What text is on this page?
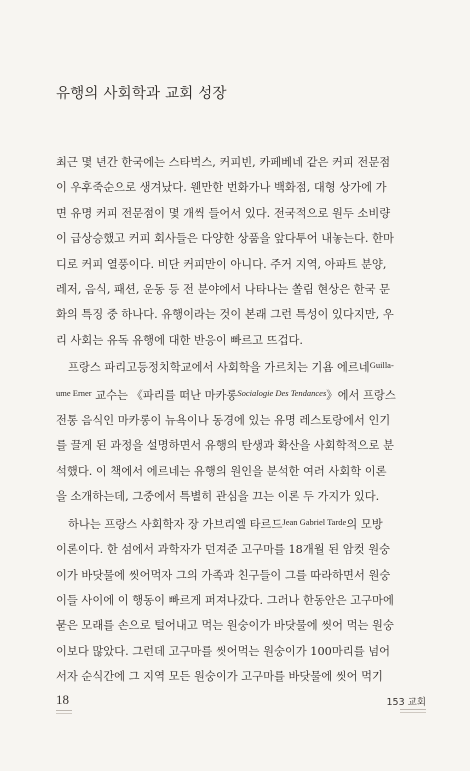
유행의 사회학과 교회 성장
최근 몇 년간 한국에는 스타벅스, 커피빈, 카페베네 같은 커피 전문점
이 우후죽순으로 생겨났다. 웬만한 번화가나 백화점, 대형 상가에 가
면 유명 커피 전문점이 몇 개씩 들어서 있다. 전국적으로 원두 소비량
이 급상승했고 커피 회사들은 다양한 상품을 앞다투어 내놓는다. 한마
디로 커피 열풍이다. 비단 커피만이 아니다. 주거 지역, 아파트 분양,
레저, 음식, 패션, 운동 등 전 분야에서 나타나는 쏠림 현상은 한국 문
화의 특징 중 하나다. 유행이라는 것이 본래 그런 특성이 있다지만, 우
리 사회는 유독 유행에 대한 반응이 빠르고 뜨겁다.
프랑스 파리고등정치학교에서 사회학을 가르치는 기욤 에르네$^{Guilla-}$
$^{ume Erner}$ 교수는 《파리를 떠난 마카롱$^{Socialogie Des Tendances}$》에서 프랑스
전통 음식인 마카롱이 뉴욕이나 동경에 있는 유명 레스토랑에서 인기
를 끌게 된 과정을 설명하면서 유행의 탄생과 확산을 사회학적으로 분
석했다. 이 책에서 에르네는 유행의 원인을 분석한 여러 사회학 이론
을 소개하는데, 그중에서 특별히 관심을 끄는 이론 두 가지가 있다.
하나는 프랑스 사회학자 장 가브리엘 타르드$^{Jean Gabriel Tarde}$의 모방
이론이다. 한 섬에서 과학자가 던져준 고구마를 18개월 된 암컷 원숭
이가 바닷물에 씻어먹자 그의 가족과 친구들이 그를 따라하면서 원숭
이들 사이에 이 행동이 빠르게 퍼져나갔다. 그러나 한동안은 고구마에
묻은 모래를 손으로 털어내고 먹는 원숭이가 바닷물에 씻어 먹는 원숭
이보다 많았다. 그런데 고구마를 씻어먹는 원숭이가 100마리를 넘어
서자 순식간에 그 지역 모든 원숭이가 고구마를 바닷물에 씻어 먹기
18	153 교회
